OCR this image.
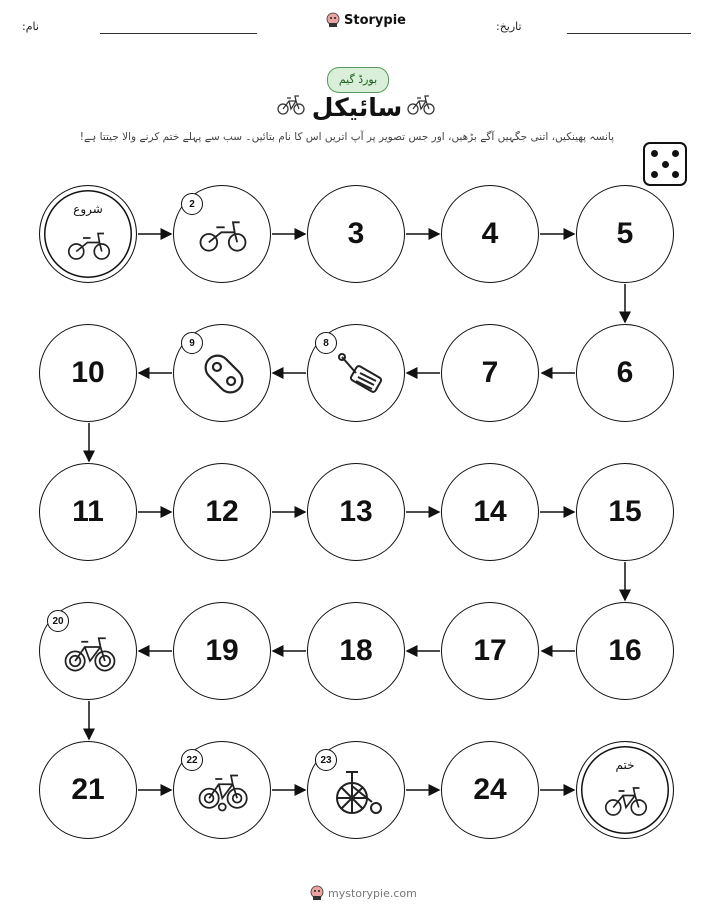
نام:	Storypie	تاریخ:
بورڈ گیم
سائیکل
پانسہ پھینکیں، اتنی جگہیں آگے بڑھیں، اور جس تصویر پر آپ اتریں اس کا نام بتائیں۔ سب سے پہلے ختم کرنے والا جیتتا ہے!
شروع	2
3	4	5
10
9	8
7	6
11	12	13	14	15
20
19	18	17	16
21
22	23
24
ختم
mystorypie.com
